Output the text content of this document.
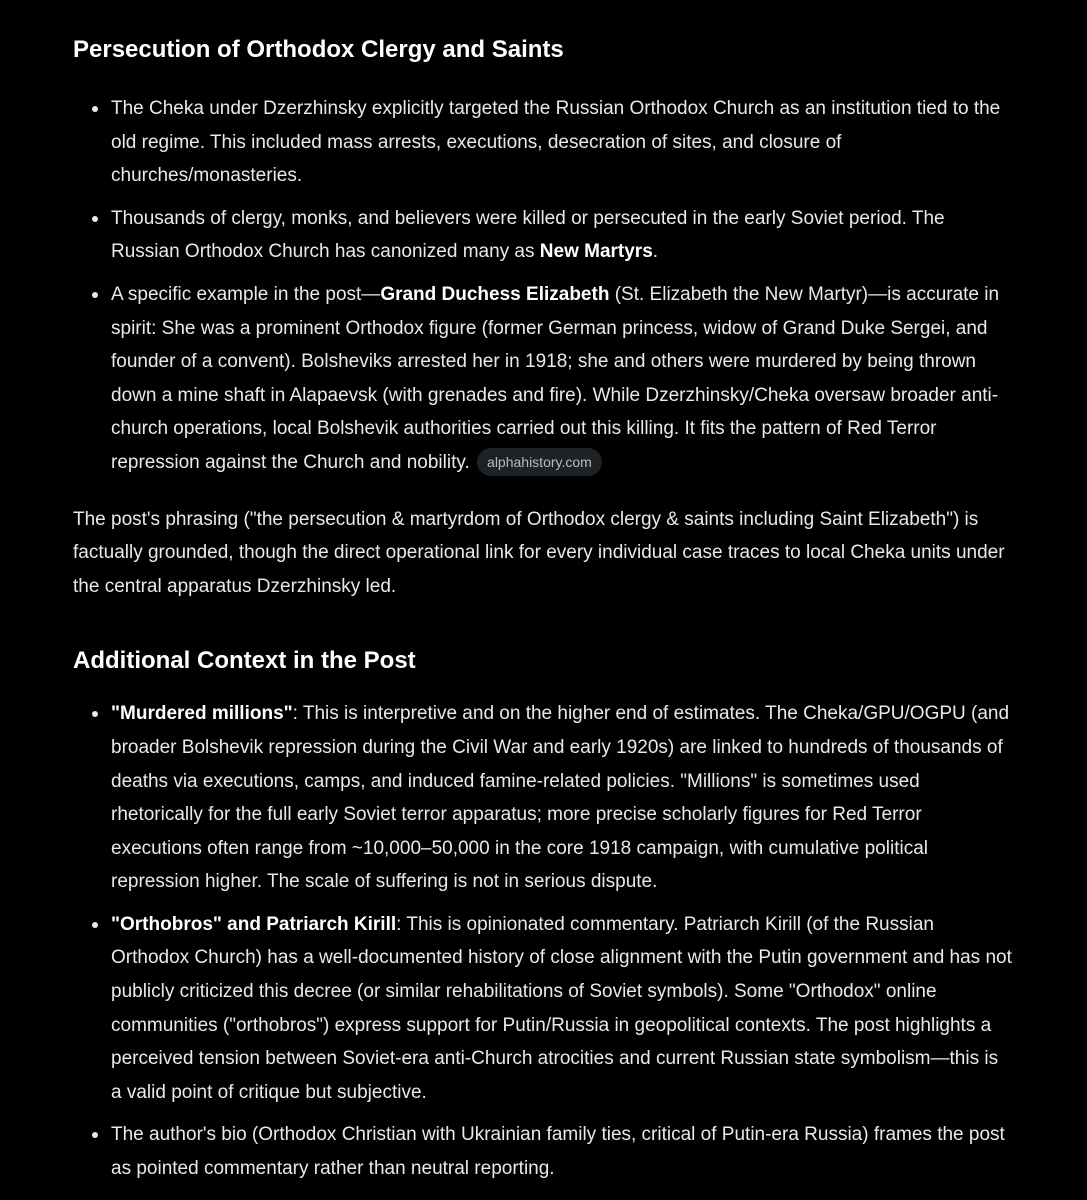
Persecution of Orthodox Clergy and Saints
The Cheka under Dzerzhinsky explicitly targeted the Russian Orthodox Church as an institution tied to the old regime. This included mass arrests, executions, desecration of sites, and closure of churches/monasteries.
Thousands of clergy, monks, and believers were killed or persecuted in the early Soviet period. The Russian Orthodox Church has canonized many as New Martyrs.
A specific example in the post—Grand Duchess Elizabeth (St. Elizabeth the New Martyr)—is accurate in spirit: She was a prominent Orthodox figure (former German princess, widow of Grand Duke Sergei, and founder of a convent). Bolsheviks arrested her in 1918; she and others were murdered by being thrown down a mine shaft in Alapaevsk (with grenades and fire). While Dzerzhinsky/Cheka oversaw broader anti-church operations, local Bolshevik authorities carried out this killing. It fits the pattern of Red Terror repression against the Church and nobility. alphahistory.com

The post's phrasing ("the persecution & martyrdom of Orthodox clergy & saints including Saint Elizabeth") is factually grounded, though the direct operational link for every individual case traces to local Cheka units under the central apparatus Dzerzhinsky led.

Additional Context in the Post
"Murdered millions": This is interpretive and on the higher end of estimates. The Cheka/GPU/OGPU (and broader Bolshevik repression during the Civil War and early 1920s) are linked to hundreds of thousands of deaths via executions, camps, and induced famine-related policies. "Millions" is sometimes used rhetorically for the full early Soviet terror apparatus; more precise scholarly figures for Red Terror executions often range from ~10,000–50,000 in the core 1918 campaign, with cumulative political repression higher. The scale of suffering is not in serious dispute.
"Orthobros" and Patriarch Kirill: This is opinionated commentary. Patriarch Kirill (of the Russian Orthodox Church) has a well-documented history of close alignment with the Putin government and has not publicly criticized this decree (or similar rehabilitations of Soviet symbols). Some "Orthodox" online communities ("orthobros") express support for Putin/Russia in geopolitical contexts. The post highlights a perceived tension between Soviet-era anti-Church atrocities and current Russian state symbolism—this is a valid point of critique but subjective.
The author's bio (Orthodox Christian with Ukrainian family ties, critical of Putin-era Russia) frames the post as pointed commentary rather than neutral reporting.
